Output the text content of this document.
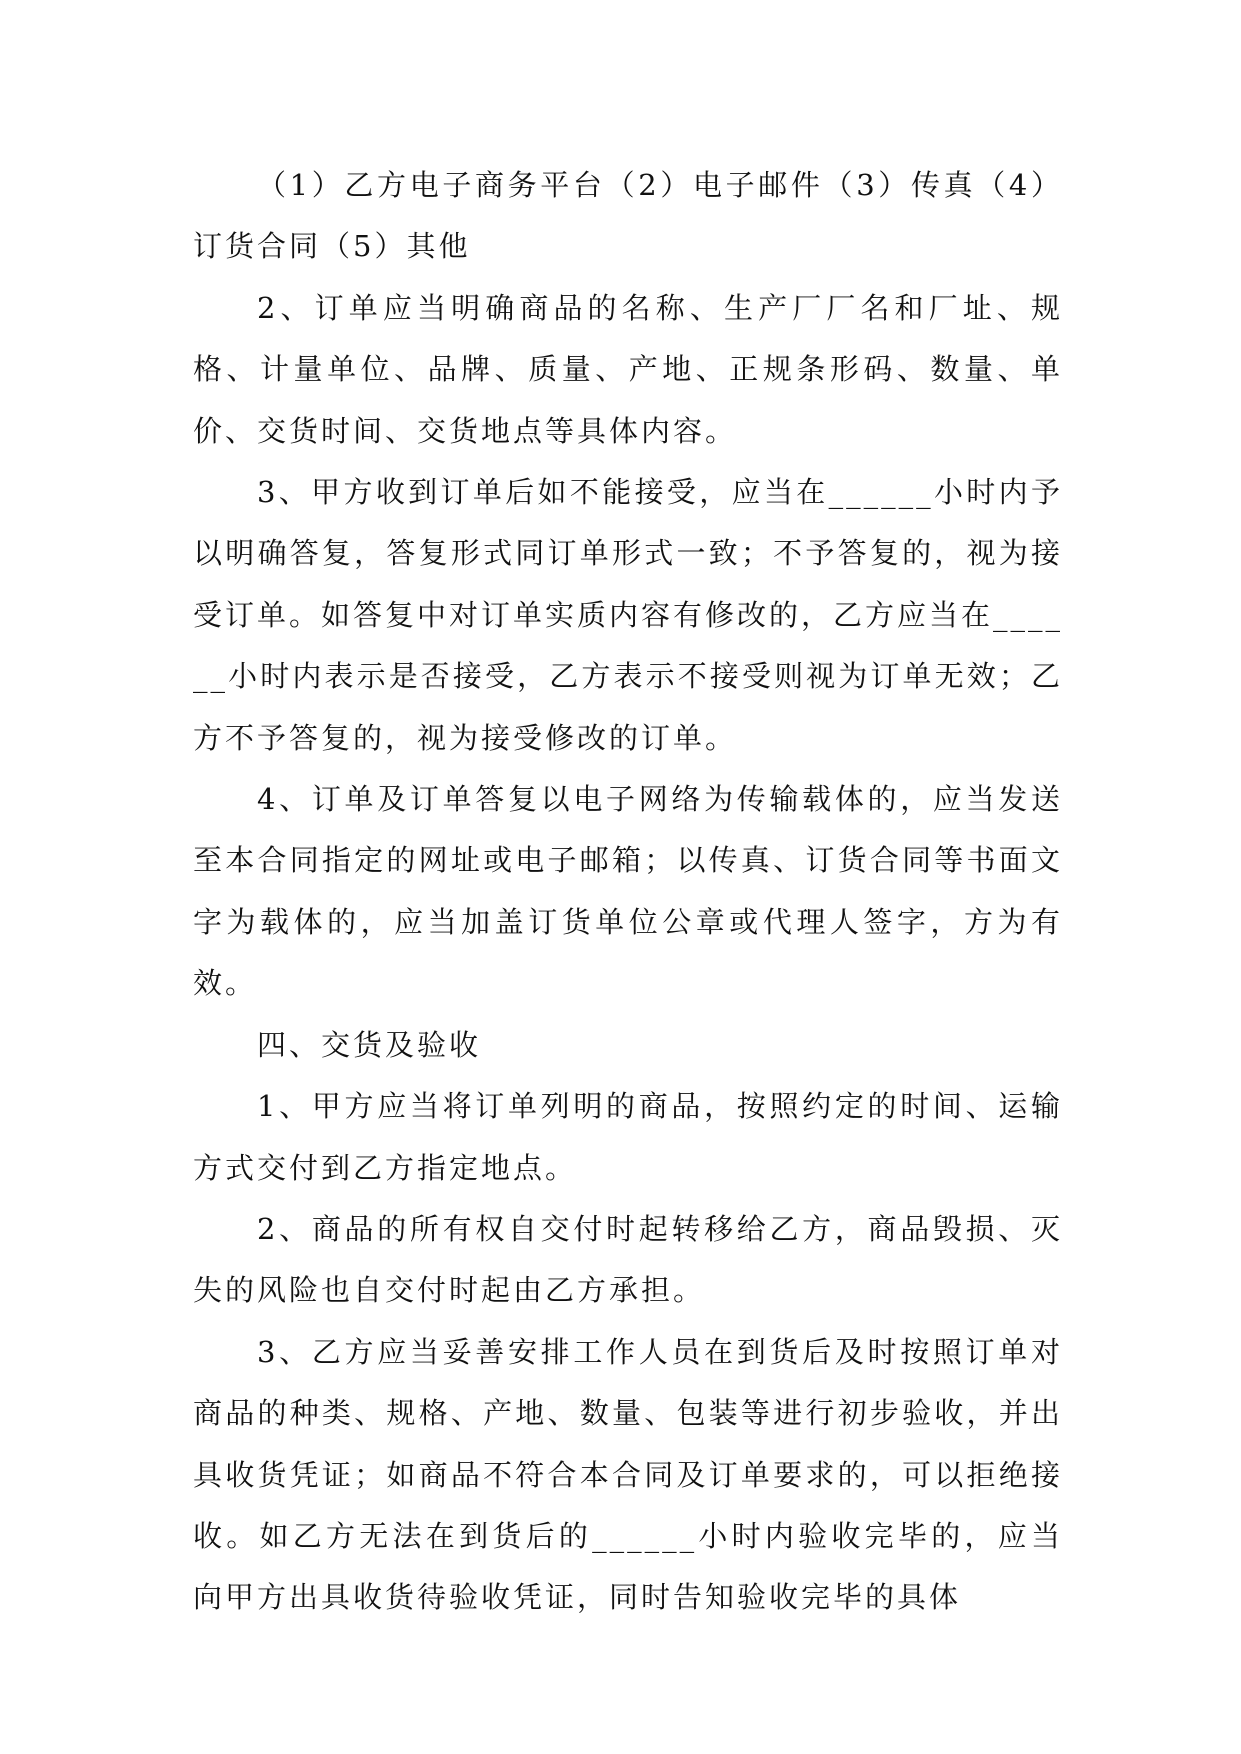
（1）乙方电子商务平台（2）电子邮件（3）传真（4）订货合同（5）其他

2、订单应当明确商品的名称、生产厂厂名和厂址、规格、计量单位、品牌、质量、产地、正规条形码、数量、单价、交货时间、交货地点等具体内容。

3、甲方收到订单后如不能接受，应当在______小时内予以明确答复，答复形式同订单形式一致；不予答复的，视为接受订单。如答复中对订单实质内容有修改的，乙方应当在______小时内表示是否接受，乙方表示不接受则视为订单无效；乙方不予答复的，视为接受修改的订单。

4、订单及订单答复以电子网络为传输载体的，应当发送至本合同指定的网址或电子邮箱；以传真、订货合同等书面文字为载体的，应当加盖订货单位公章或代理人签字，方为有效。

四、交货及验收

1、甲方应当将订单列明的商品，按照约定的时间、运输方式交付到乙方指定地点。

2、商品的所有权自交付时起转移给乙方，商品毁损、灭失的风险也自交付时起由乙方承担。

3、乙方应当妥善安排工作人员在到货后及时按照订单对商品的种类、规格、产地、数量、包装等进行初步验收，并出具收货凭证；如商品不符合本合同及订单要求的，可以拒绝接收。如乙方无法在到货后的______小时内验收完毕的，应当向甲方出具收货待验收凭证，同时告知验收完毕的具体
